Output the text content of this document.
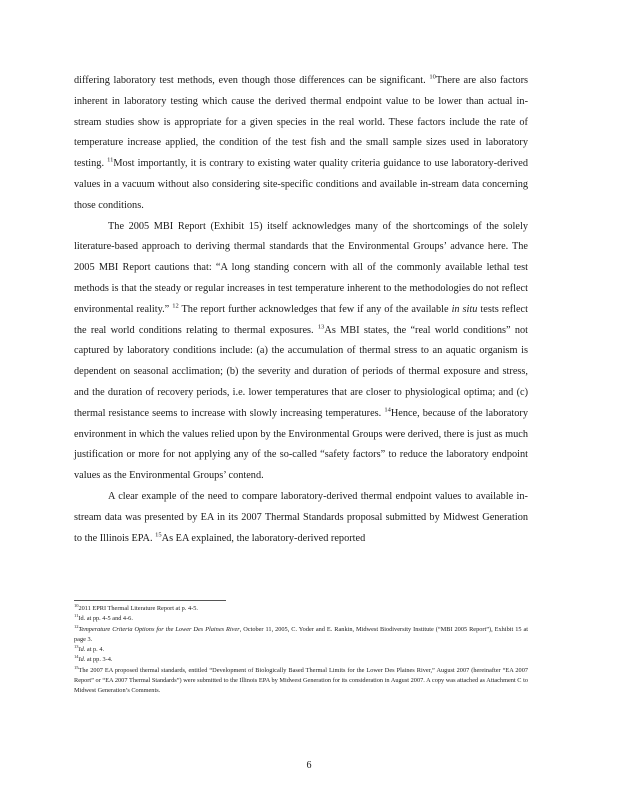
differing laboratory test methods, even though those differences can be significant. $^{10}$There are also factors inherent in laboratory testing which cause the derived thermal endpoint value to be lower than actual in-stream studies show is appropriate for a given species in the real world. These factors include the rate of temperature increase applied, the condition of the test fish and the small sample sizes used in laboratory testing. $^{11}$Most importantly, it is contrary to existing water quality criteria guidance to use laboratory-derived values in a vacuum without also considering site-specific conditions and available in-stream data concerning those conditions.

The 2005 MBI Report (Exhibit 15) itself acknowledges many of the shortcomings of the solely literature-based approach to deriving thermal standards that the Environmental Groups’ advance here. The 2005 MBI Report cautions that: “A long standing concern with all of the commonly available lethal test methods is that the steady or regular increases in test temperature inherent to the methodologies do not reflect environmental reality.” $^{12}$ The report further acknowledges that few if any of the available in situ tests reflect the real world conditions relating to thermal exposures. $^{13}$As MBI states, the “real world conditions” not captured by laboratory conditions include: (a) the accumulation of thermal stress to an aquatic organism is dependent on seasonal acclimation; (b) the severity and duration of periods of thermal exposure and stress, and the duration of recovery periods, i.e. lower temperatures that are closer to physiological optima; and (c) thermal resistance seems to increase with slowly increasing temperatures. $^{14}$Hence, because of the laboratory environment in which the values relied upon by the Environmental Groups were derived, there is just as much justification or more for not applying any of the so-called “safety factors” to reduce the laboratory endpoint values as the Environmental Groups’ contend.

A clear example of the need to compare laboratory-derived thermal endpoint values to available in-stream data was presented by EA in its 2007 Thermal Standards proposal submitted by Midwest Generation to the Illinois EPA. $^{15}$As EA explained, the laboratory-derived reported

$^{10}$2011 EPRI Thermal Literature Report at p. 4-5.

$^{11}$Id. at pp. 4-5 and 4-6.

$^{12}$Temperature Criteria Options for the Lower Des Plaines River, October 11, 2005, C. Yoder and E. Rankin, Midwest Biodiversity Institute (“MBI 2005 Report”), Exhibit 15 at page 3.

$^{13}$Id. at p. 4.

$^{14}$Id. at pp. 3-4.

$^{15}$The 2007 EA proposed thermal standards, entitled “Development of Biologically Based Thermal Limits for the Lower Des Plaines River,” August 2007 (hereinafter “EA 2007 Report” or “EA 2007 Thermal Standards”) were submitted to the Illinois EPA by Midwest Generation for its consideration in August 2007. A copy was attached as Attachment C to Midwest Generation’s Comments.

6
